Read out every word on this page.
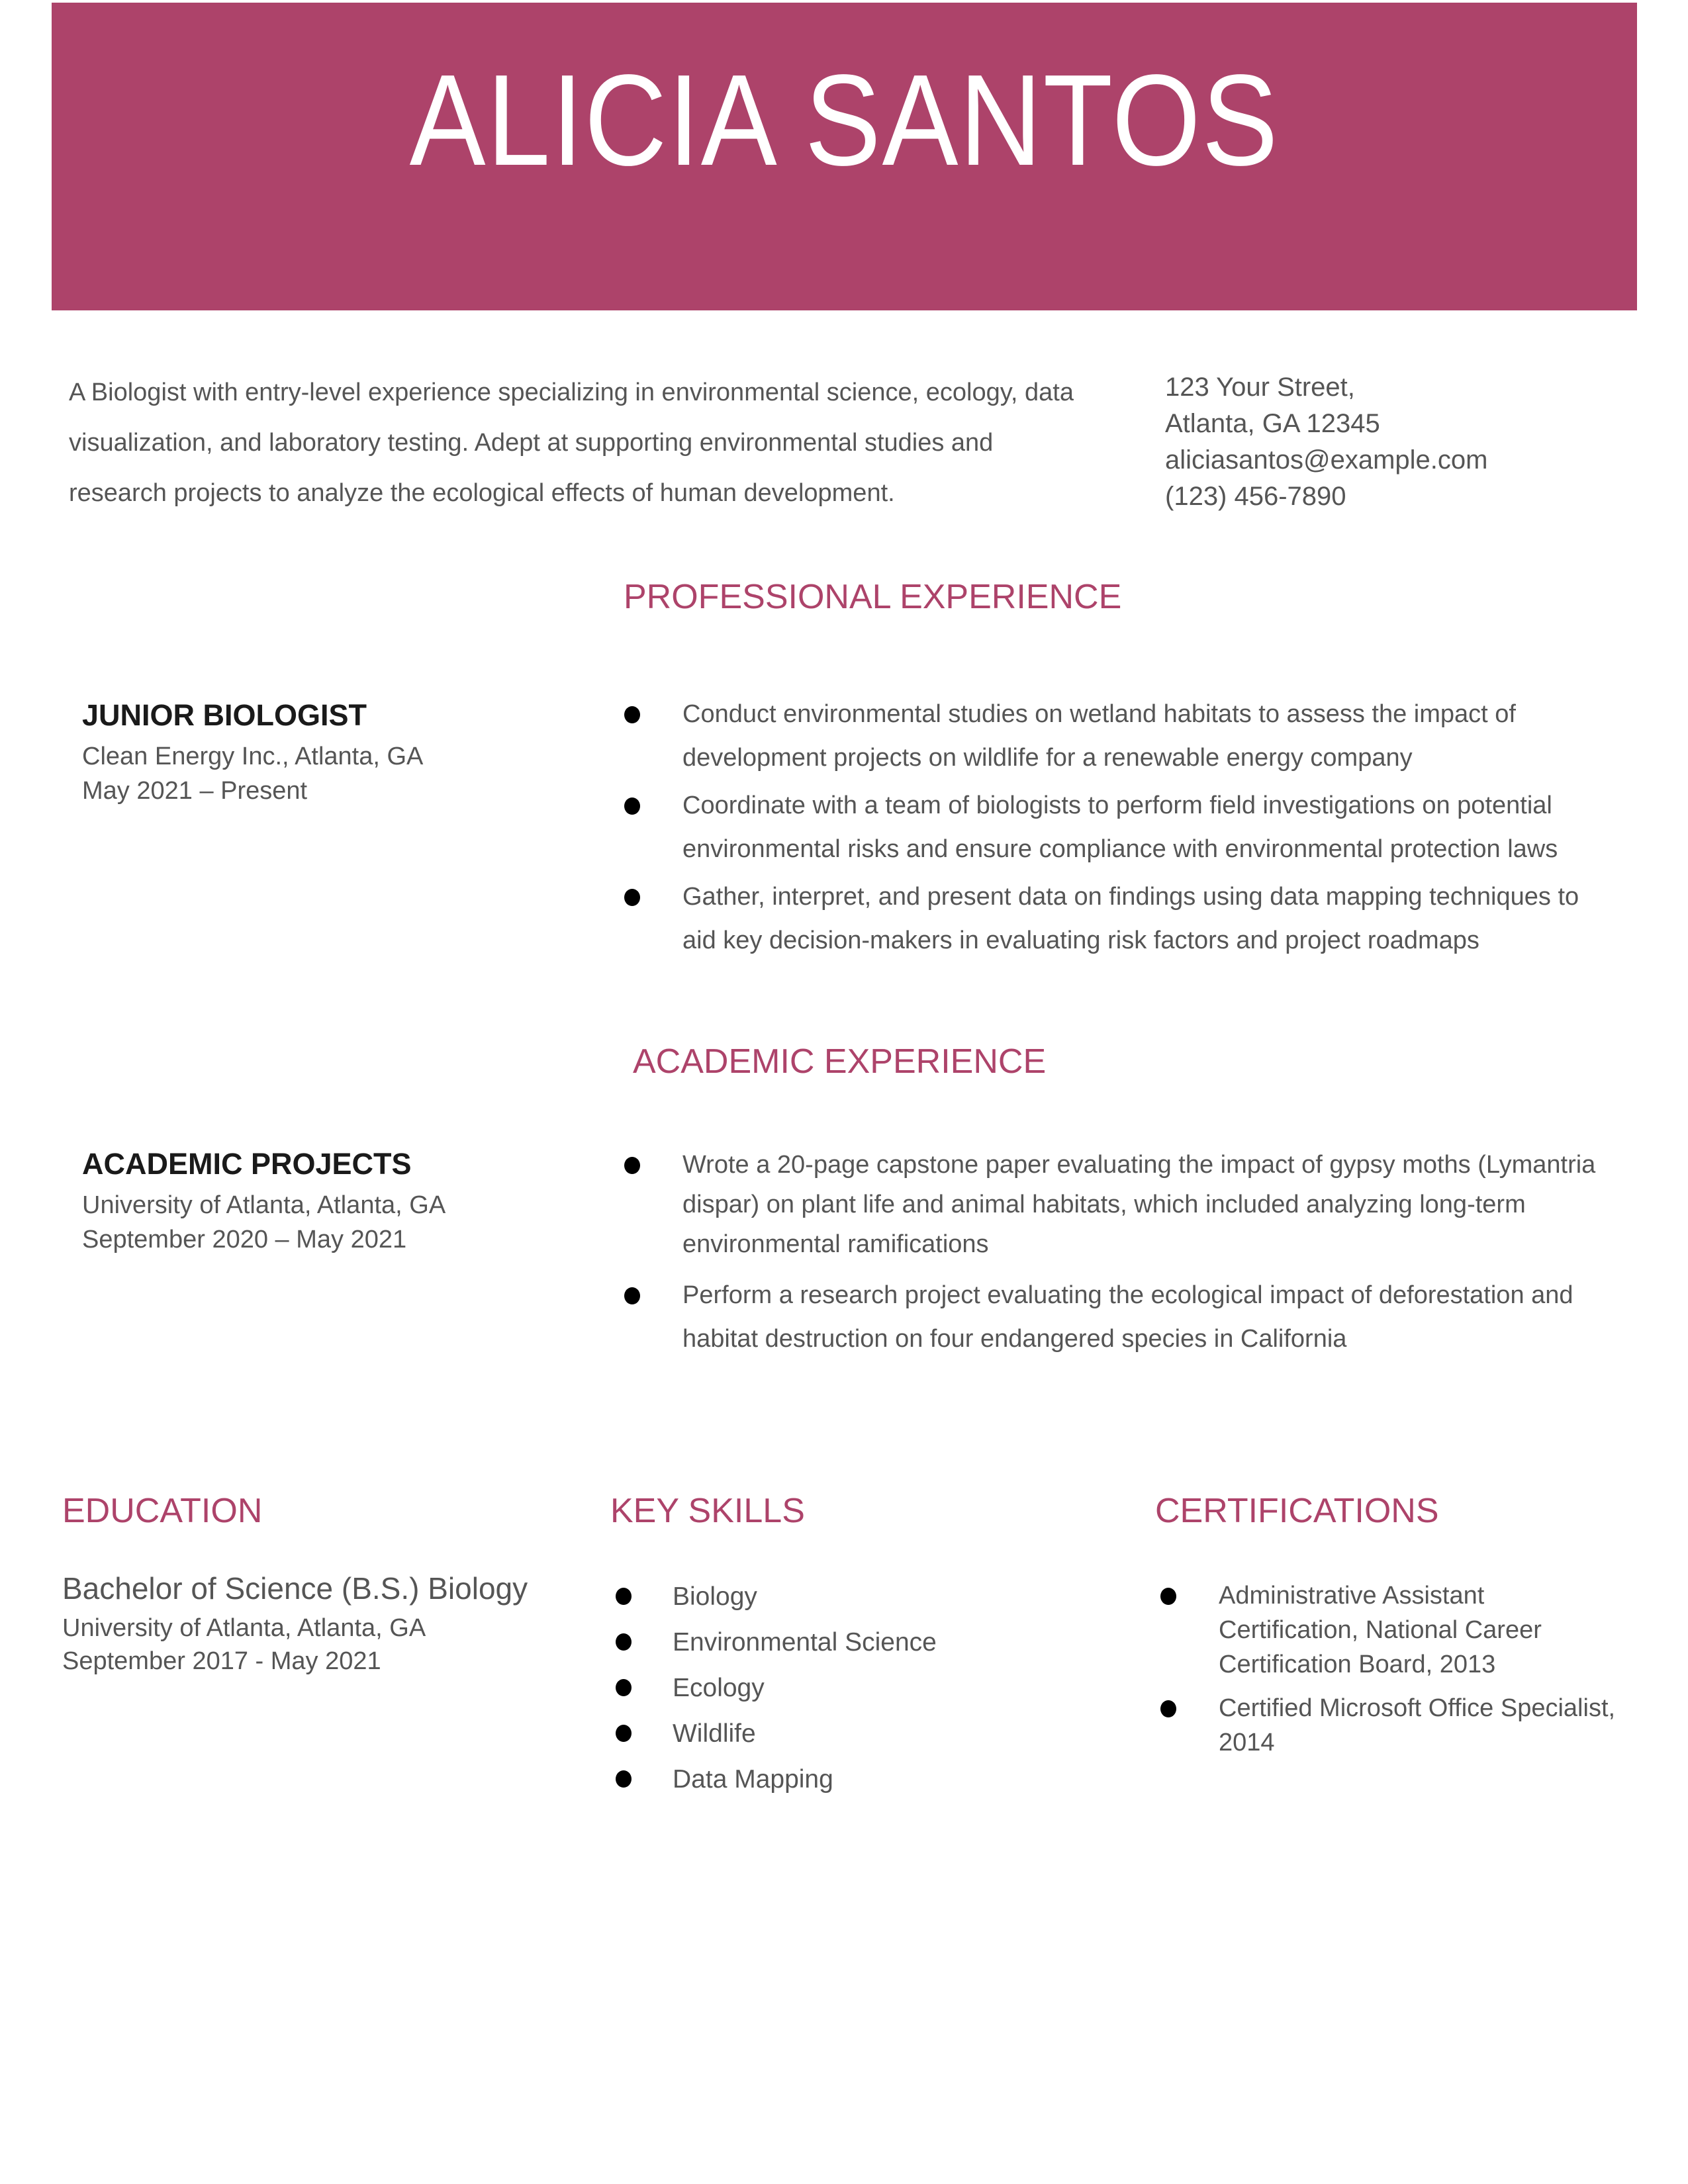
ALICIA SANTOS
A Biologist with entry-level experience specializing in environmental science, ecology, data
visualization, and laboratory testing. Adept at supporting environmental studies and
research projects to analyze the ecological effects of human development.
123 Your Street,
Atlanta, GA 12345
aliciasantos@example.com
(123) 456-7890
PROFESSIONAL EXPERIENCE
JUNIOR BIOLOGIST
Clean Energy Inc., Atlanta, GA
May 2021 – Present
Conduct environmental studies on wetland habitats to assess the impact of development projects on wildlife for a renewable energy company
Coordinate with a team of biologists to perform field investigations on potential environmental risks and ensure compliance with environmental protection laws
Gather, interpret, and present data on findings using data mapping techniques to aid key decision-makers in evaluating risk factors and project roadmaps
ACADEMIC EXPERIENCE
ACADEMIC PROJECTS
University of Atlanta, Atlanta, GA
September 2020 – May 2021
Wrote a 20-page capstone paper evaluating the impact of gypsy moths (Lymantria dispar) on plant life and animal habitats, which included analyzing long-term environmental ramifications
Perform a research project evaluating the ecological impact of deforestation and habitat destruction on four endangered species in California
EDUCATION
Bachelor of Science (B.S.) Biology
University of Atlanta, Atlanta, GA
September 2017 - May 2021
KEY SKILLS
Biology
Environmental Science
Ecology
Wildlife
Data Mapping
CERTIFICATIONS
Administrative Assistant Certification, National Career Certification Board, 2013
Certified Microsoft Office Specialist, 2014
